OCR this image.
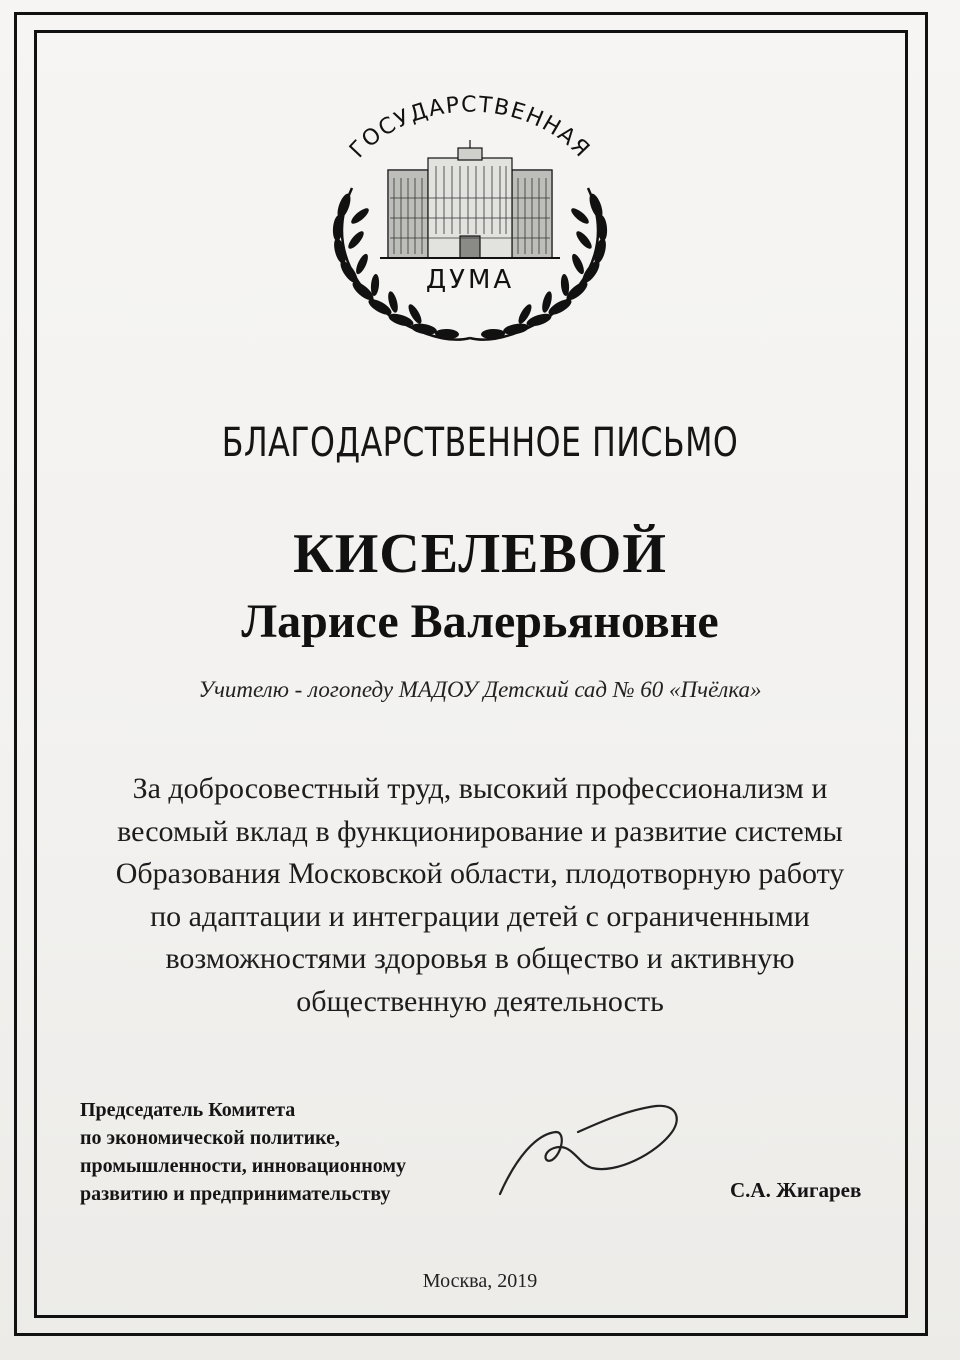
ГОСУДАРСТВЕННАЯ
ДУМА
БЛАГОДАРСТВЕННОЕ ПИСЬМО
КИСЕЛЕВОЙ
Ларисе Валерьяновне
Учителю - логопеду МАДОУ Детский сад № 60 «Пчёлка»
За добросовестный труд, высокий профессионализм и
весомый вклад в функционирование и развитие системы
Образования Московской области, плодотворную работу
по адаптации и интеграции детей с ограниченными
возможностями здоровья в общество и активную
общественную деятельность
Председатель Комитета
по экономической политике,
промышленности, инновационному
развитию и предпринимательству	С.А. Жигарев
Москва, 2019
